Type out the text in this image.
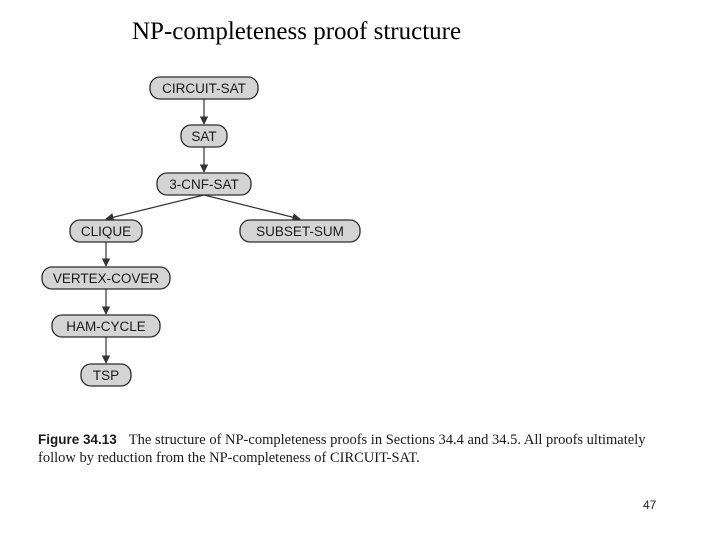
NP-completeness proof structure
CIRCUIT-SAT
SAT
3-CNF-SAT
CLIQUE	SUBSET-SUM
VERTEX-COVER
HAM-CYCLE
TSP
Figure 34.13 The structure of NP-completeness proofs in Sections 34.4 and 34.5. All proofs ultimately follow by reduction from the NP-completeness of CIRCUIT-SAT.
47
